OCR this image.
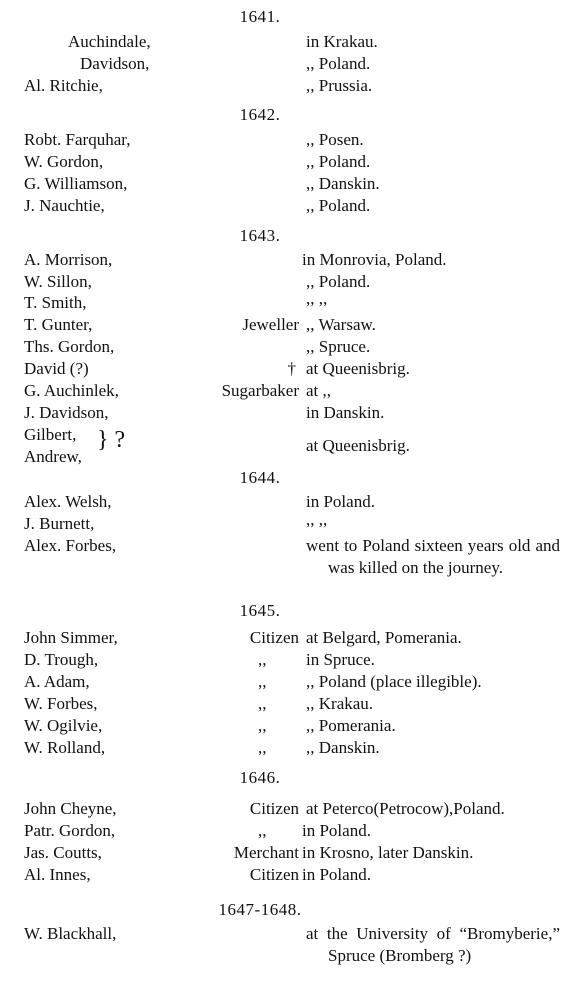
1641.
Auchindale,	in Krakau.
Davidson,	,, Poland.
Al. Ritchie,	,, Prussia.
1642.
Robt. Farquhar,	,, Posen.
W. Gordon,	,, Poland.
G. Williamson,	,, Danskin.
J. Nauchtie,	,, Poland.
1643.
A. Morrison,	in Monrovia, Poland.
W. Sillon,	,, Poland.
T. Smith,	,, ,,
T. Gunter,	Jeweller ,, Warsaw.
Ths. Gordon,	,, Spruce.
David (?)	† at Queenisbrig.
G. Auchinlek,	Sugarbaker at ,,
J. Davidson,	in Danskin.
Gilbert,
Andrew,
} ?	at Queenisbrig.
1644.
Alex. Welsh,	in Poland.
J. Burnett,	,, ,,
Alex. Forbes,	went to Poland sixteen years old and was killed on the journey.
1645.
John Simmer,	Citizen at Belgard, Pomerania.
D. Trough,	,, in Spruce.
A. Adam,	,, ,, Poland (place illegible).
W. Forbes,	,, ,, Krakau.
W. Ogilvie,	,, ,, Pomerania.
W. Rolland,	,, ,, Danskin.
1646.
John Cheyne,	Citizen at Peterco(Petrocow),Poland.
Patr. Gordon,	,, in Poland.
Jas. Coutts,	Merchant in Krosno, later Danskin.
Al. Innes,	Citizen in Poland.
1647-1648.
W. Blackhall,	at the University of “Bromyberie,” Spruce (Bromberg ?)
